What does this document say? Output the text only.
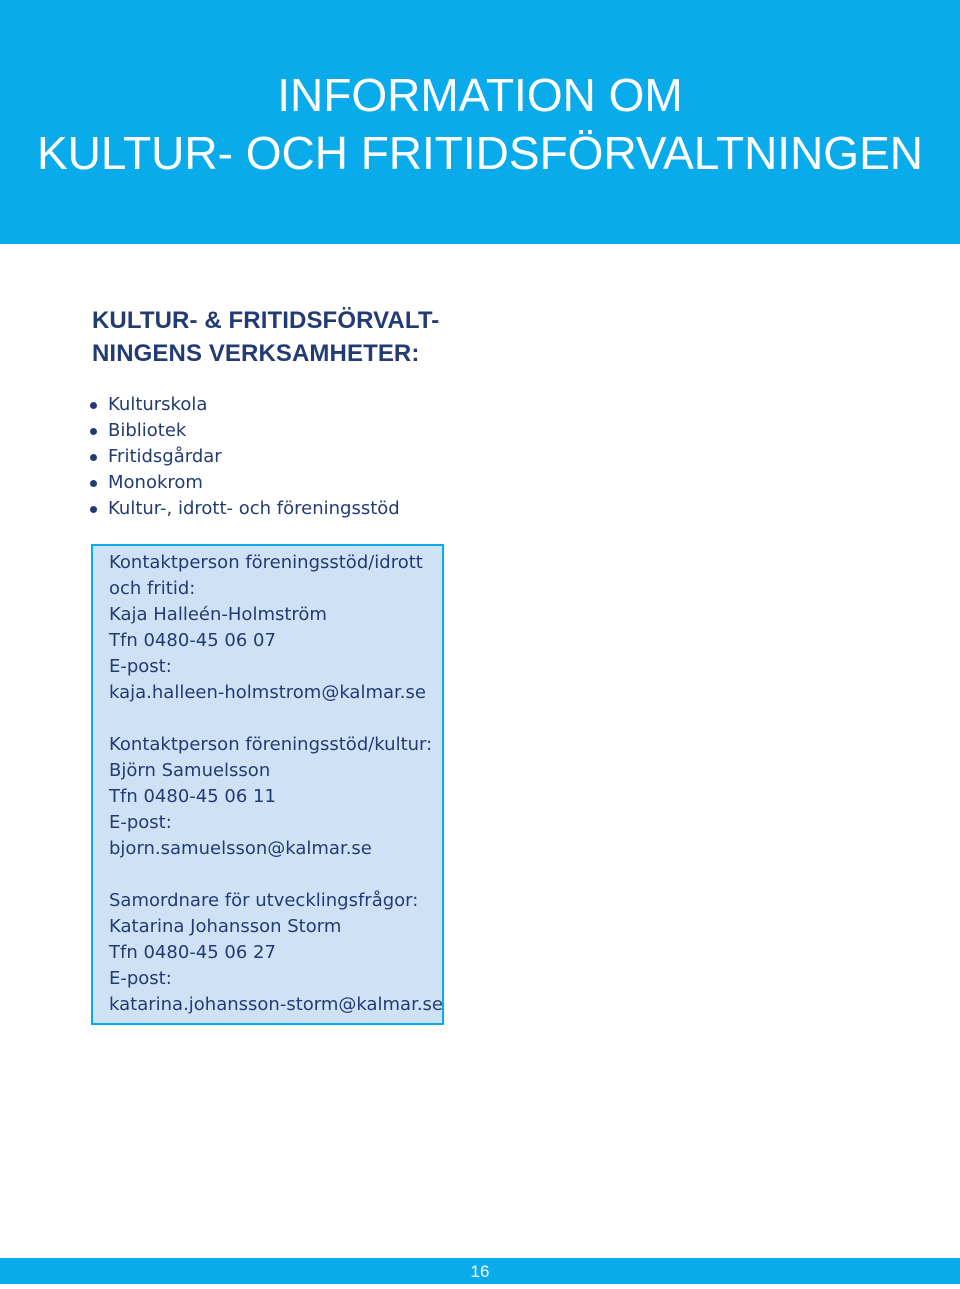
INFORMATION OM
KULTUR- OCH FRITIDSFÖRVALTNINGEN
KULTUR- & FRITIDSFÖRVALT-
NINGENS VERKSAMHETER:
Kulturskola
Bibliotek
Fritidsgårdar
Monokrom
Kultur-, idrott- och föreningsstöd
Kontaktperson föreningsstöd/idrott
och fritid:
Kaja Halleén-Holmström
Tfn 0480-45 06 07
E-post:
kaja.halleen-holmstrom@kalmar.se
Kontaktperson föreningsstöd/kultur:
Björn Samuelsson
Tfn 0480-45 06 11
E-post:
bjorn.samuelsson@kalmar.se
Samordnare för utvecklingsfrågor:
Katarina Johansson Storm
Tfn 0480-45 06 27
E-post:
katarina.johansson-storm@kalmar.se
16
